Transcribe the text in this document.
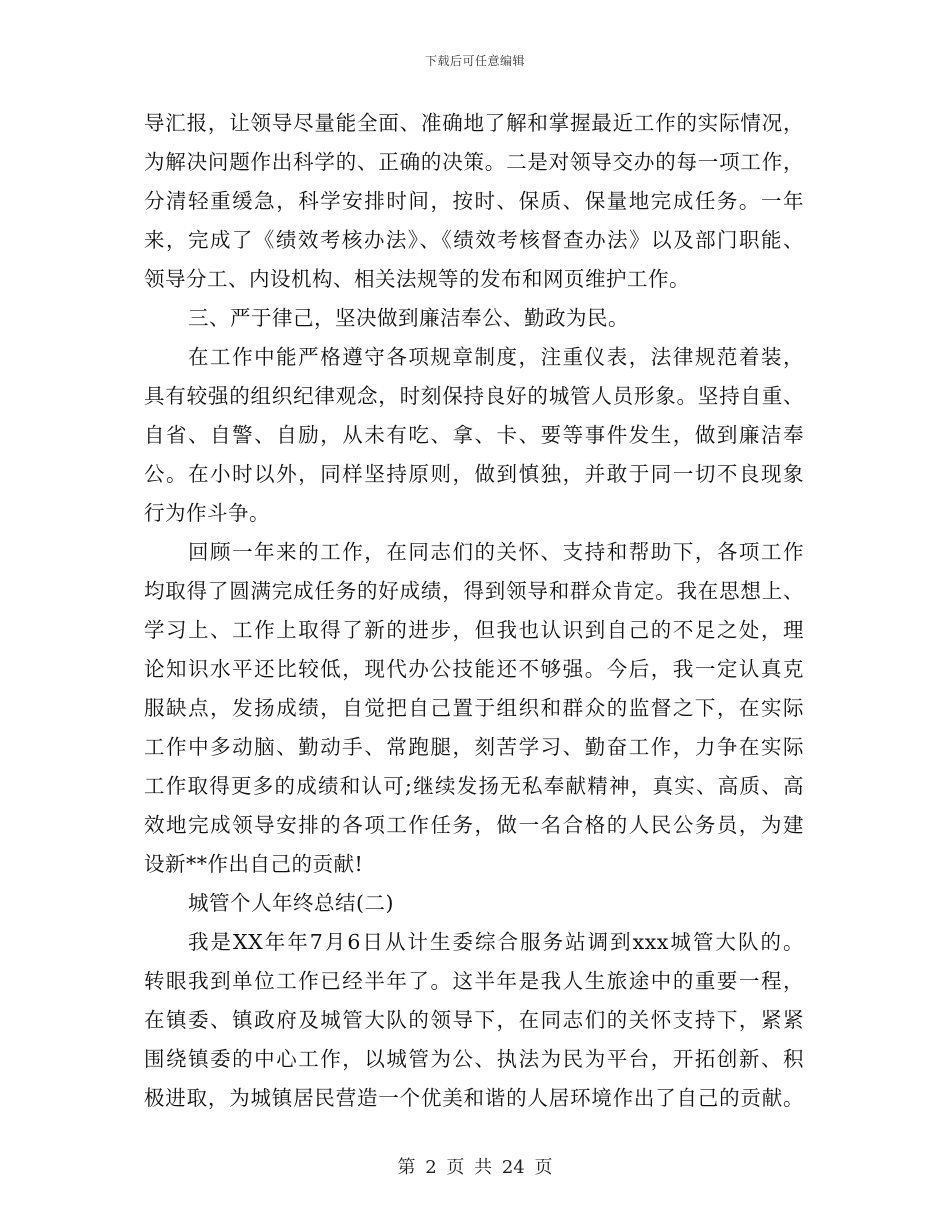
下载后可任意编辑
导汇报，让领导尽量能全面、准确地了解和掌握最近工作的实际情况，
为解决问题作出科学的、正确的决策。二是对领导交办的每一项工作，
分清轻重缓急，科学安排时间，按时、保质、保量地完成任务。一年
来，完成了《绩效考核办法》、《绩效考核督查办法》以及部门职能、
领导分工、内设机构、相关法规等的发布和网页维护工作。
三、严于律己，坚决做到廉洁奉公、勤政为民。
在工作中能严格遵守各项规章制度，注重仪表，法律规范着装，
具有较强的组织纪律观念，时刻保持良好的城管人员形象。坚持自重、
自省、自警、自励，从未有吃、拿、卡、要等事件发生，做到廉洁奉
公。在小时以外，同样坚持原则，做到慎独，并敢于同一切不良现象
行为作斗争。
回顾一年来的工作，在同志们的关怀、支持和帮助下，各项工作
均取得了圆满完成任务的好成绩，得到领导和群众肯定。我在思想上、
学习上、工作上取得了新的进步，但我也认识到自己的不足之处，理
论知识水平还比较低，现代办公技能还不够强。今后，我一定认真克
服缺点，发扬成绩，自觉把自己置于组织和群众的监督之下，在实际
工作中多动脑、勤动手、常跑腿，刻苦学习、勤奋工作，力争在实际
工作取得更多的成绩和认可;继续发扬无私奉献精神，真实、高质、高
效地完成领导安排的各项工作任务，做一名合格的人民公务员，为建
设新**作出自己的贡献!
城管个人年终总结(二)
我是XX年年7月6日从计生委综合服务站调到xxx城管大队的。
转眼我到单位工作已经半年了。这半年是我人生旅途中的重要一程，
在镇委、镇政府及城管大队的领导下，在同志们的关怀支持下，紧紧
围绕镇委的中心工作，以城管为公、执法为民为平台，开拓创新、积
极进取，为城镇居民营造一个优美和谐的人居环境作出了自己的贡献。
第 2 页 共 24 页
